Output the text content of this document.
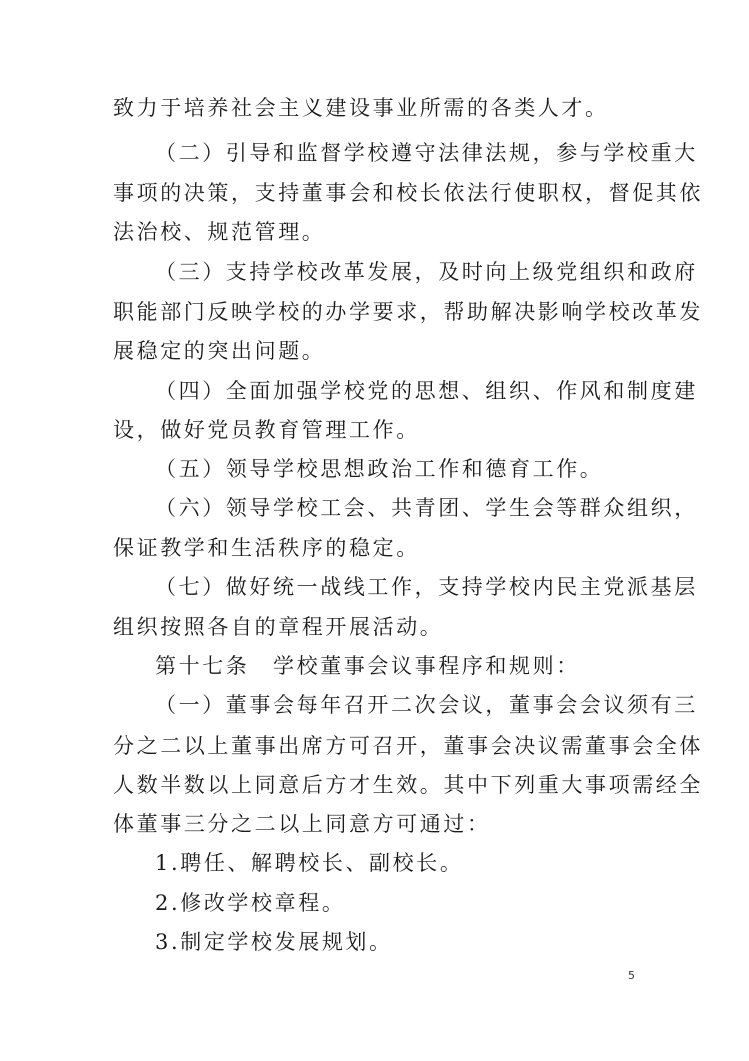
致力于培养社会主义建设事业所需的各类人才。
（二）引导和监督学校遵守法律法规，参与学校重大
事项的决策，支持董事会和校长依法行使职权，督促其依
法治校、规范管理。
（三）支持学校改革发展，及时向上级党组织和政府
职能部门反映学校的办学要求，帮助解决影响学校改革发
展稳定的突出问题。
（四）全面加强学校党的思想、组织、作风和制度建
设，做好党员教育管理工作。
（五）领导学校思想政治工作和德育工作。
（六）领导学校工会、共青团、学生会等群众组织，
保证教学和生活秩序的稳定。
（七）做好统一战线工作，支持学校内民主党派基层
组织按照各自的章程开展活动。
第十七条　学校董事会议事程序和规则：
（一）董事会每年召开二次会议，董事会会议须有三
分之二以上董事出席方可召开，董事会决议需董事会全体
人数半数以上同意后方才生效。其中下列重大事项需经全
体董事三分之二以上同意方可通过：
1.聘任、解聘校长、副校长。
2.修改学校章程。
3.制定学校发展规划。
5
